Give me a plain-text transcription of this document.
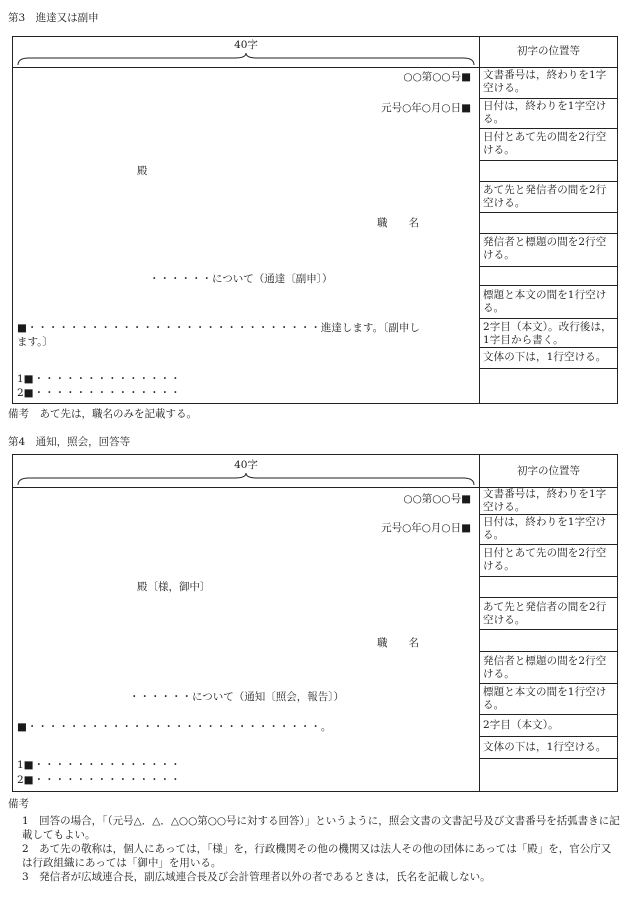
第3　進達又は副申
40字	初字の位置等
文書番号は，終わりを1字空ける。
日付は，終わりを1字空ける。
日付とあて先の間を2行空ける。
あて先と発信者の間を2行空ける。
発信者と標題の間を2行空ける。
標題と本文の間を1行空ける。
2字目（本文）。改行後は，1字目から書く。
文体の下は，1行空ける。
○○第○○号■
元号○年○月○日■
殿
職　　名
・・・・・・について（通達〔副申〕）
■・・・・・・・・・・・・・・・・・・・・・・・・・・・・進達します。〔副申し
ます。〕
1■・・・・・・・・・・・・・・
2■・・・・・・・・・・・・・・
備考　あて先は，職名のみを記載する。
第4　通知，照会，回答等
40字	初字の位置等
文書番号は，終わりを1字空ける。
日付は，終わりを1字空ける。
日付とあて先の間を2行空ける。
あて先と発信者の間を2行空ける。
発信者と標題の間を2行空ける。
標題と本文の間を1行空ける。
2字目（本文）。
文体の下は，1行空ける。
○○第○○号■
元号○年○月○日■
殿〔様，御中〕
職　　名
・・・・・・について（通知〔照会，報告〕）
■・・・・・・・・・・・・・・・・・・・・・・・・・・・・。
1■・・・・・・・・・・・・・・
2■・・・・・・・・・・・・・・
備考
1　回答の場合，「（元号△．△．△○○第○○号に対する回答）」というように，照会文書の文書記号及び文書番号を括弧書きに記載してもよい。
2　あて先の敬称は，個人にあっては，「様」を，行政機関その他の機関又は法人その他の団体にあっては「殿」を，官公庁又は行政組織にあっては「御中」を用いる。
3　発信者が広域連合長，副広域連合長及び会計管理者以外の者であるときは，氏名を記載しない。
